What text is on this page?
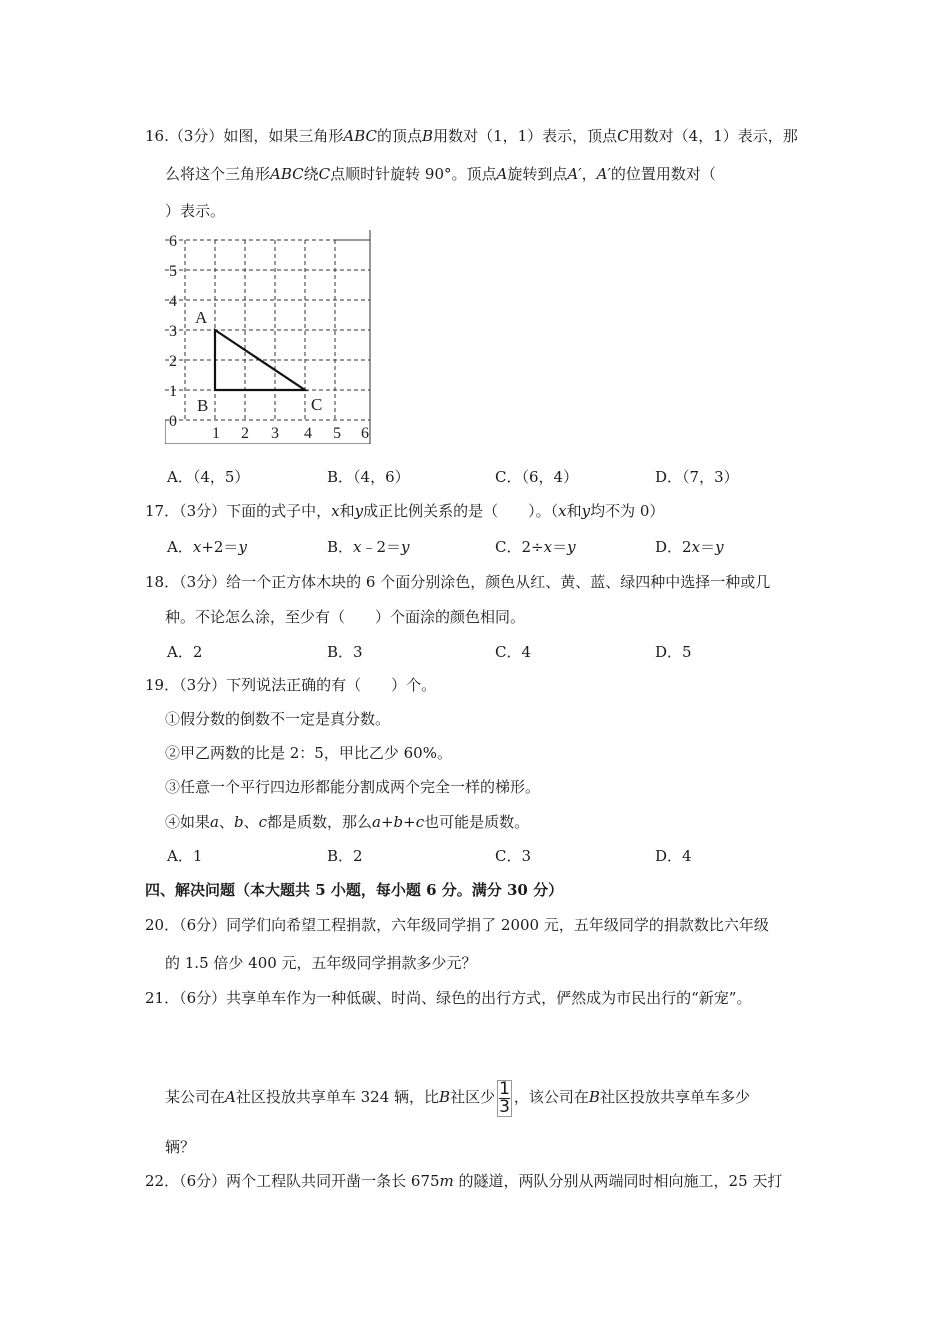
16.（3分）如图，如果三角形ABC的顶点B用数对（1，1）表示，顶点C用数对（4，1）表示，那
么将这个三角形ABC绕C点顺时针旋转 90°。顶点A旋转到点A′，A′的位置用数对（
）表示。
6
5
4
3
2
1
0
1 2 3 4 5 6
A
B	C
A．（4，5）	B．（4，6）	C．（6，4）	D．（7，3）
17．（3分）下面的式子中，x和y成正比例关系的是（　　）。（x和y均不为 0）
A．x+2＝y	B．x﹣2＝y	C．2÷x＝y	D．2x＝y
18．（3分）给一个正方体木块的 6 个面分别涂色，颜色从红、黄、蓝、绿四种中选择一种或几
种。不论怎么涂，至少有（　　）个面涂的颜色相同。
A．2	B．3	C．4	D．5
19．（3分）下列说法正确的有（　　）个。
①假分数的倒数不一定是真分数。
②甲乙两数的比是 2：5，甲比乙少 60%。
③任意一个平行四边形都能分割成两个完全一样的梯形。
④如果a、b、c都是质数，那么a+b+c也可能是质数。
A．1	B．2	C．3	D．4
四、解决问题（本大题共 5 小题，每小题 6 分。满分 30 分）
20．（6分）同学们向希望工程捐款，六年级同学捐了 2000 元，五年级同学的捐款数比六年级
的 1.5 倍少 400 元，五年级同学捐款多少元？
21．（6分）共享单车作为一种低碳、时尚、绿色的出行方式，俨然成为市民出行的“新宠”。
某公司在A社区投放共享单车 324 辆，比B社区少 $\frac{1}{3}$ ，该公司在B社区投放共享单车多少
辆？
22．（6分）两个工程队共同开凿一条长 675m 的隧道，两队分别从两端同时相向施工，25 天打
